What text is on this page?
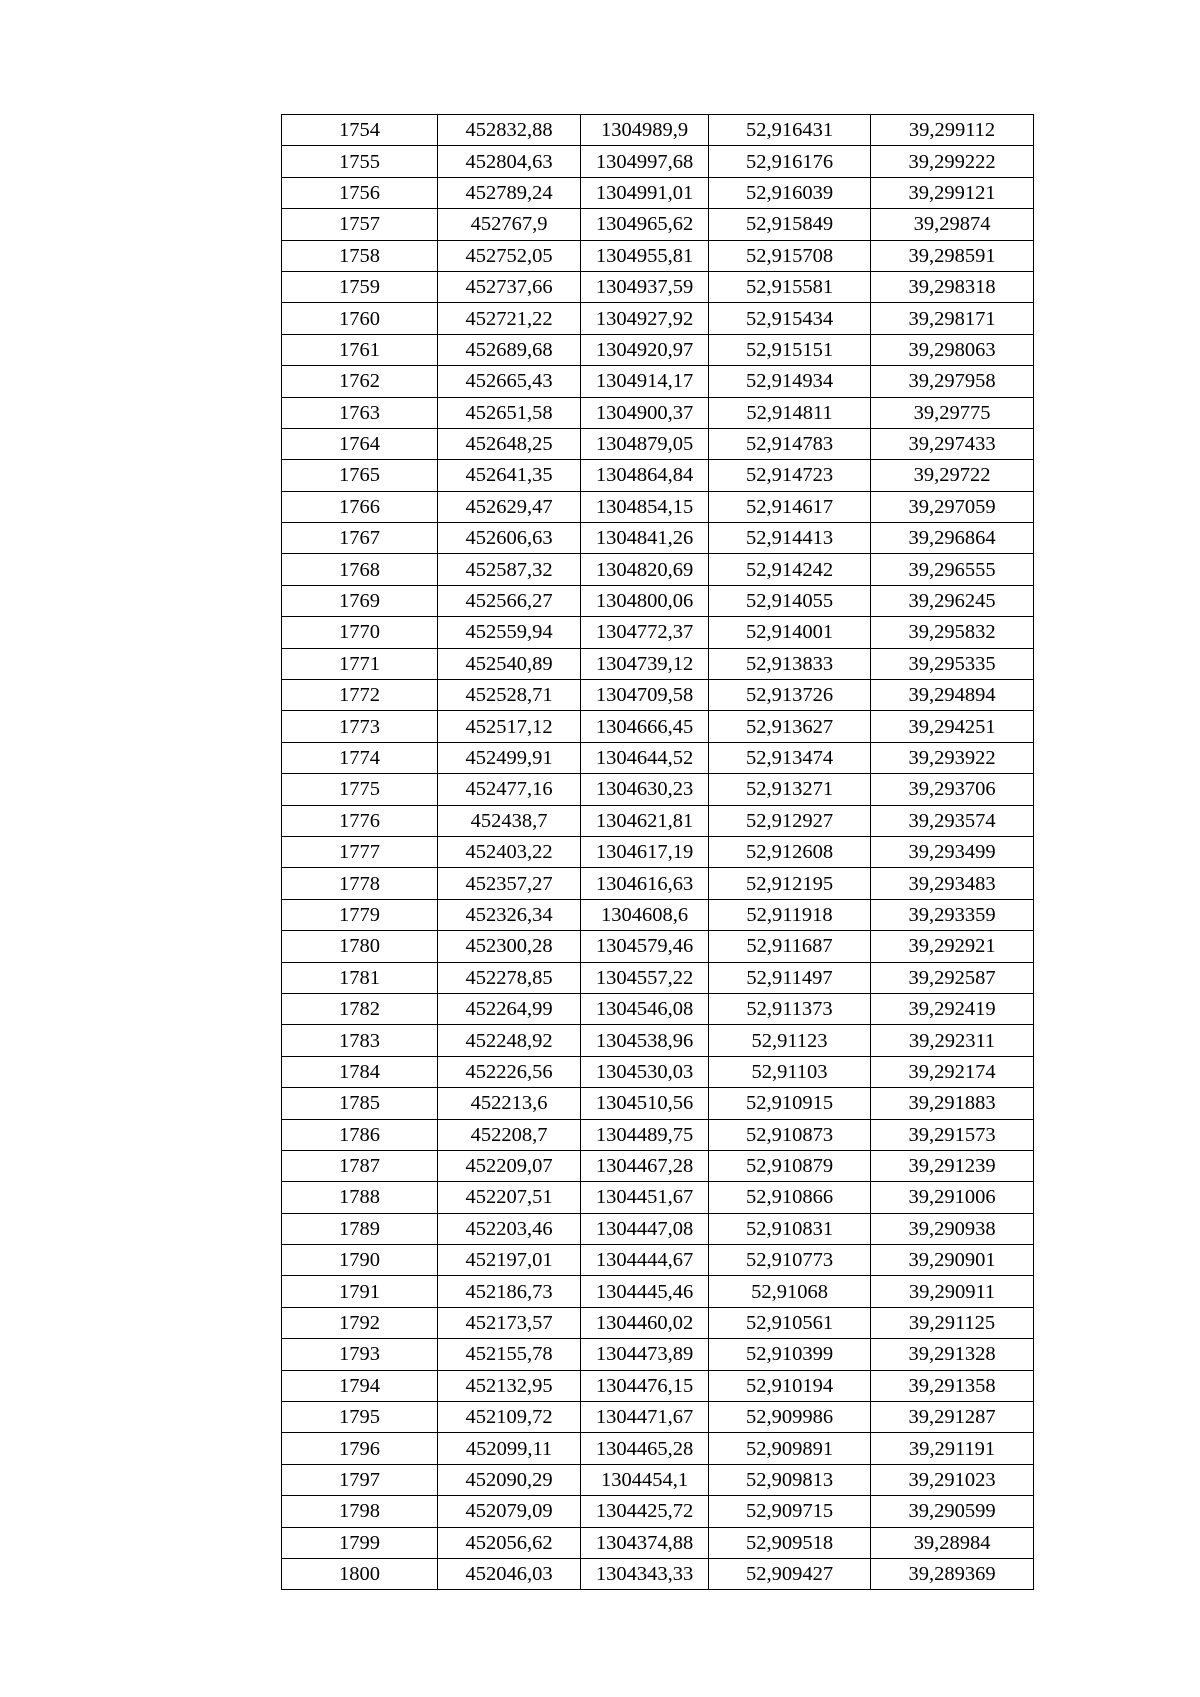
1754	452832,88	1304989,9	52,916431	39,299112
1755	452804,63	1304997,68	52,916176	39,299222
1756	452789,24	1304991,01	52,916039	39,299121
1757	452767,9	1304965,62	52,915849	39,29874
1758	452752,05	1304955,81	52,915708	39,298591
1759	452737,66	1304937,59	52,915581	39,298318
1760	452721,22	1304927,92	52,915434	39,298171
1761	452689,68	1304920,97	52,915151	39,298063
1762	452665,43	1304914,17	52,914934	39,297958
1763	452651,58	1304900,37	52,914811	39,29775
1764	452648,25	1304879,05	52,914783	39,297433
1765	452641,35	1304864,84	52,914723	39,29722
1766	452629,47	1304854,15	52,914617	39,297059
1767	452606,63	1304841,26	52,914413	39,296864
1768	452587,32	1304820,69	52,914242	39,296555
1769	452566,27	1304800,06	52,914055	39,296245
1770	452559,94	1304772,37	52,914001	39,295832
1771	452540,89	1304739,12	52,913833	39,295335
1772	452528,71	1304709,58	52,913726	39,294894
1773	452517,12	1304666,45	52,913627	39,294251
1774	452499,91	1304644,52	52,913474	39,293922
1775	452477,16	1304630,23	52,913271	39,293706
1776	452438,7	1304621,81	52,912927	39,293574
1777	452403,22	1304617,19	52,912608	39,293499
1778	452357,27	1304616,63	52,912195	39,293483
1779	452326,34	1304608,6	52,911918	39,293359
1780	452300,28	1304579,46	52,911687	39,292921
1781	452278,85	1304557,22	52,911497	39,292587
1782	452264,99	1304546,08	52,911373	39,292419
1783	452248,92	1304538,96	52,91123	39,292311
1784	452226,56	1304530,03	52,91103	39,292174
1785	452213,6	1304510,56	52,910915	39,291883
1786	452208,7	1304489,75	52,910873	39,291573
1787	452209,07	1304467,28	52,910879	39,291239
1788	452207,51	1304451,67	52,910866	39,291006
1789	452203,46	1304447,08	52,910831	39,290938
1790	452197,01	1304444,67	52,910773	39,290901
1791	452186,73	1304445,46	52,91068	39,290911
1792	452173,57	1304460,02	52,910561	39,291125
1793	452155,78	1304473,89	52,910399	39,291328
1794	452132,95	1304476,15	52,910194	39,291358
1795	452109,72	1304471,67	52,909986	39,291287
1796	452099,11	1304465,28	52,909891	39,291191
1797	452090,29	1304454,1	52,909813	39,291023
1798	452079,09	1304425,72	52,909715	39,290599
1799	452056,62	1304374,88	52,909518	39,28984
1800	452046,03	1304343,33	52,909427	39,289369
